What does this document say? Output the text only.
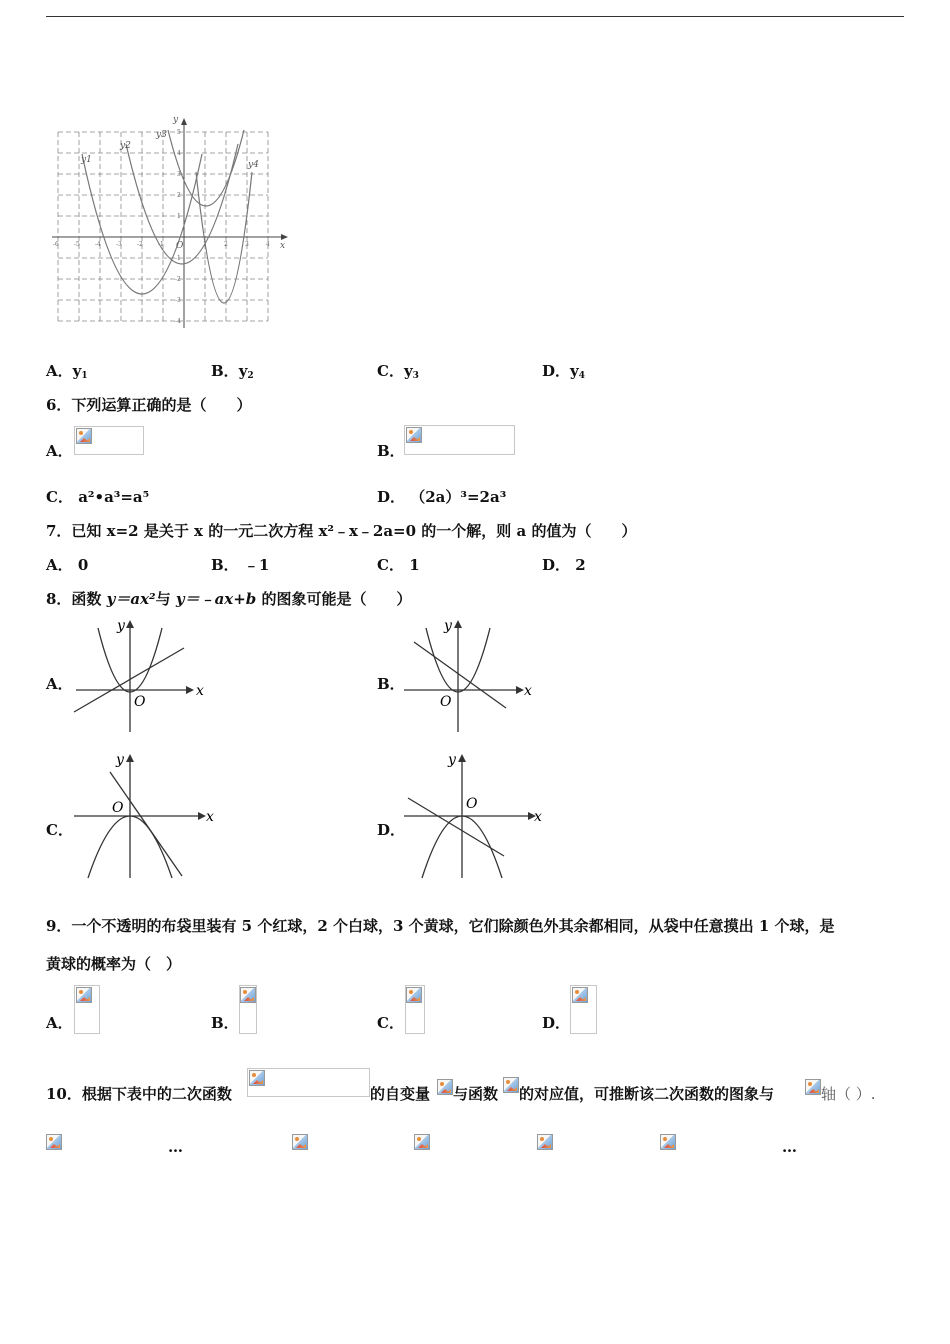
y
x
O
y1
y2
y3
y4
-6	-5	-4	-3	-2	-1	1	2	3	4
5
4
3
2
1
-1
-2
-3
-4
A．$y_1$	B．$y_2$	C．$y_3$	D．$y_4$
6．下列运算正确的是（　　）
A．	B．
C． a²•a³=a⁵	D． （2a）³=2a³
7．已知 x=2 是关于 x 的一元二次方程 x²﹣x﹣2a=0 的一个解，则 a 的值为（　　）
A． 0	B． ﹣1	C． 1	D． 2
8．函数 y＝ax²与 y＝﹣ax+b 的图象可能是（　　）
A．	x
y
O
B．	x
y
O
C．
x
y
O
D．
x
y
O
9．一个不透明的布袋里装有 5 个红球，2 个白球，3 个黄球，它们除颜色外其余都相同，从袋中任意摸出 1 个球，是
黄球的概率为（　）
A．	B．	C．	D．
10．根据下表中的二次函数	的自变量 与函数 的对应值，可推断该二次函数的图象与	轴（ ）.
…	…
